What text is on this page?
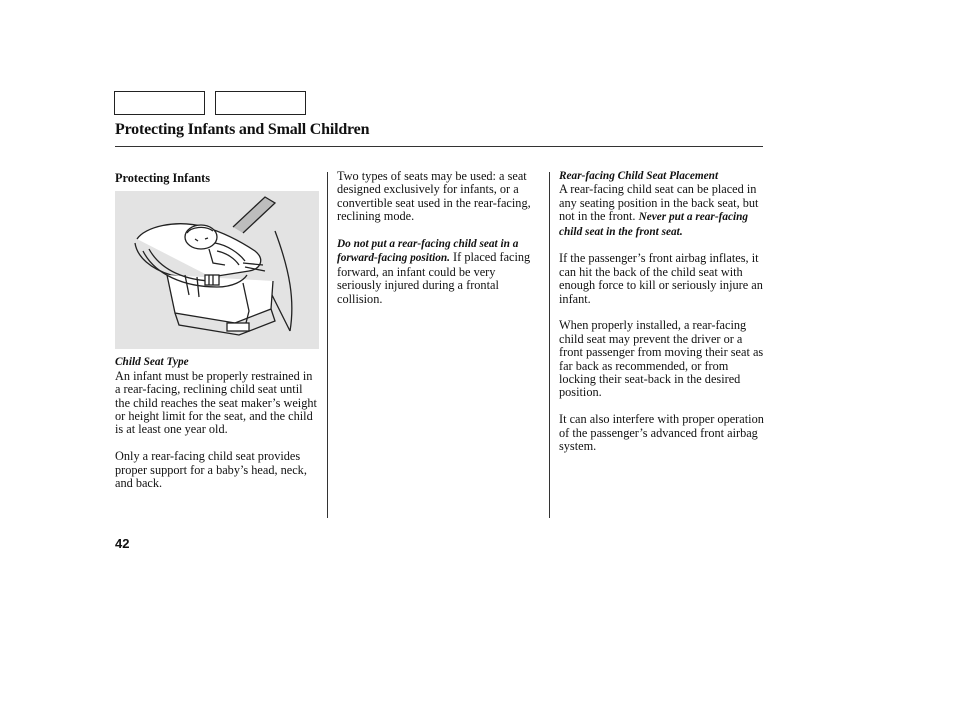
Protecting Infants and Small Children

Protecting Infants

Child Seat Type

An infant must be properly restrained in a rear-facing, reclining child seat until the child reaches the seat maker’s weight or height limit for the seat, and the child is at least one year old.

Only a rear-facing child seat provides proper support for a baby’s head, neck, and back.

Two types of seats may be used: a seat designed exclusively for infants, or a convertible seat used in the rear-facing, reclining mode.

Do not put a rear-facing child seat in a forward-facing position. If placed facing forward, an infant could be very seriously injured during a frontal collision.

Rear-facing Child Seat Placement

A rear-facing child seat can be placed in any seating position in the back seat, but not in the front. Never put a rear-facing child seat in the front seat.

If the passenger’s front airbag inflates, it can hit the back of the child seat with enough force to kill or seriously injure an infant.

When properly installed, a rear-facing child seat may prevent the driver or a front passenger from moving their seat as far back as recommended, or from locking their seat-back in the desired position.

It can also interfere with proper operation of the passenger’s advanced front airbag system.

42
